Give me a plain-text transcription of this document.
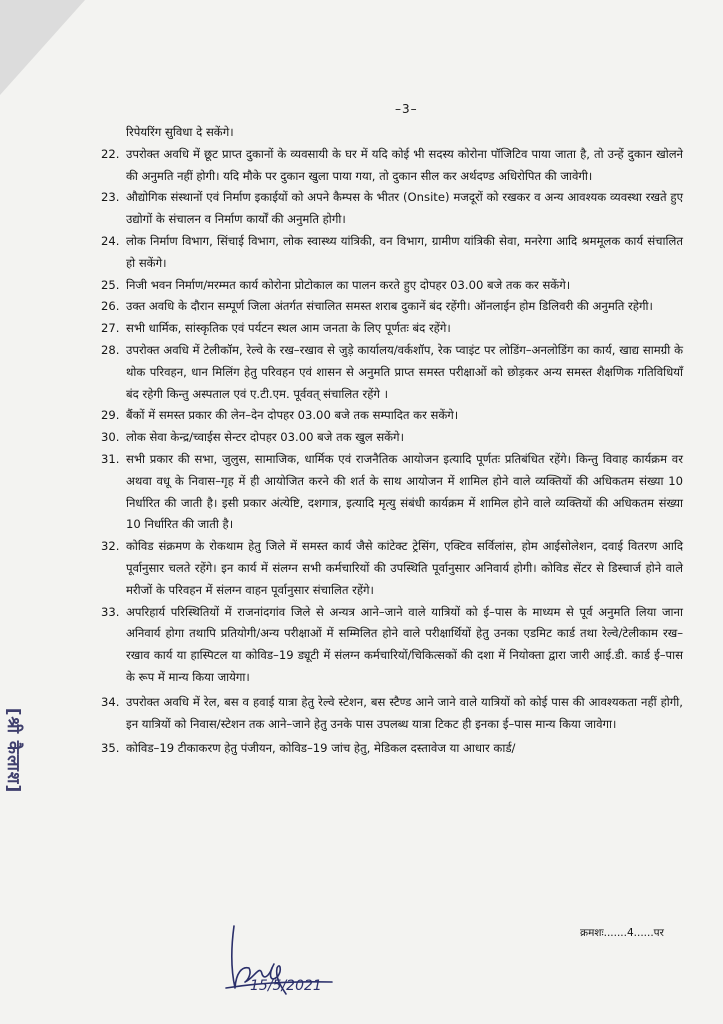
–3–
रिपेयरिंग सुविधा दे सकेंगे।
22. उपरोक्त अवधि में छूट प्राप्त दुकानों के व्यवसायी के घर में यदि कोई भी सदस्य कोरोना पॉजिटिव पाया जाता है, तो उन्हें दुकान खोलने की अनुमति नहीं होगी। यदि मौके पर दुकान खुला पाया गया, तो दुकान सील कर अर्थदण्ड अधिरोपित की जावेगी।
23. औद्योगिक संस्थानों एवं निर्माण इकाईयों को अपने कैम्पस के भीतर (Onsite) मजदूरों को रखकर व अन्य आवश्यक व्यवस्था रखते हुए उद्योगों के संचालन व निर्माण कार्यों की अनुमति होगी।
24. लोक निर्माण विभाग, सिंचाई विभाग, लोक स्वास्थ्य यांत्रिकी, वन विभाग, ग्रामीण यांत्रिकी सेवा, मनरेगा आदि श्रममूलक कार्य संचालित हो सकेंगे।
25. निजी भवन निर्माण/मरम्मत कार्य कोरोना प्रोटोकाल का पालन करते हुए दोपहर 03.00 बजे तक कर सकेंगे।
26. उक्त अवधि के दौरान सम्पूर्ण जिला अंतर्गत संचालित समस्त शराब दुकानें बंद रहेंगी। ऑनलाईन होम डिलिवरी की अनुमति रहेगी।
27. सभी धार्मिक, सांस्कृतिक एवं पर्यटन स्थल आम जनता के लिए पूर्णतः बंद रहेंगे।
28. उपरोक्त अवधि में टेलीकॉम, रेल्वे के रख–रखाव से जुड़े कार्यालय/वर्कशॉप, रेक प्वाइंट पर लोडिंग–अनलोडिंग का कार्य, खाद्य सामग्री के थोक परिवहन, धान मिलिंग हेतु परिवहन एवं शासन से अनुमति प्राप्त समस्त परीक्षाओं को छोड़कर अन्य समस्त शैक्षणिक गतिविधियाँ बंद रहेगी किन्तु अस्पताल एवं ए.टी.एम. पूर्ववत् संचालित रहेंगे ।
29. बैंकों में समस्त प्रकार की लेन–देन दोपहर 03.00 बजे तक सम्पादित कर सकेंगे।
30. लोक सेवा केन्द्र/च्वाईस सेन्टर दोपहर 03.00 बजे तक खुल सकेंगे।
31. सभी प्रकार की सभा, जुलुस, सामाजिक, धार्मिक एवं राजनैतिक आयोजन इत्यादि पूर्णतः प्रतिबंधित रहेंगे। किन्तु विवाह कार्यक्रम वर अथवा वधू के निवास–गृह में ही आयोजित करने की शर्त के साथ आयोजन में शामिल होने वाले व्यक्तियों की अधिकतम संख्या 10 निर्धारित की जाती है। इसी प्रकार अंत्येष्टि, दशगात्र, इत्यादि मृत्यु संबंधी कार्यक्रम में शामिल होने वाले व्यक्तियों की अधिकतम संख्या 10 निर्धारित की जाती है।
32. कोविड संक्रमण के रोकथाम हेतु जिले में समस्त कार्य जैसे कांटेक्ट ट्रेसिंग, एक्टिव सर्विलांस, होम आईसोलेशन, दवाई वितरण आदि पूर्वानुसार चलते रहेंगे। इन कार्य में संलग्न सभी कर्मचारियों की उपस्थिति पूर्वानुसार अनिवार्य होगी। कोविड सेंटर से डिस्चार्ज होने वाले मरीजों के परिवहन में संलग्न वाहन पूर्वानुसार संचालित रहेंगे।
33. अपरिहार्य परिस्थितियों में राजनांदगांव जिले से अन्यत्र आने–जाने वाले यात्रियों को ई–पास के माध्यम से पूर्व अनुमति लिया जाना अनिवार्य होगा तथापि प्रतियोगी/अन्य परीक्षाओं में सम्मिलित होने वाले परीक्षार्थियों हेतु उनका एडमिट कार्ड तथा रेल्वे/टेलीकाम रख–रखाव कार्य या हास्पिटल या कोविड–19 ड्यूटी में संलग्न कर्मचारियों/चिकित्सकों की दशा में नियोक्ता द्वारा जारी आई.डी. कार्ड ई–पास के रूप में मान्य किया जायेगा।
34. उपरोक्त अवधि में रेल, बस व हवाई यात्रा हेतु रेल्वे स्टेशन, बस स्टैण्ड आने जाने वाले यात्रियों को कोई पास की आवश्यकता नहीं होगी, इन यात्रियों को निवास/स्टेशन तक आने–जाने हेतु उनके पास उपलब्ध यात्रा टिकट ही इनका ई–पास मान्य किया जावेगा।
35. कोविड–19 टीकाकरण हेतु पंजीयन, कोविड–19 जांच हेतु, मेडिकल दस्तावेज या आधार कार्ड/
क्रमशः.......4......पर
[श्री कैलाश]
15/5/2021
